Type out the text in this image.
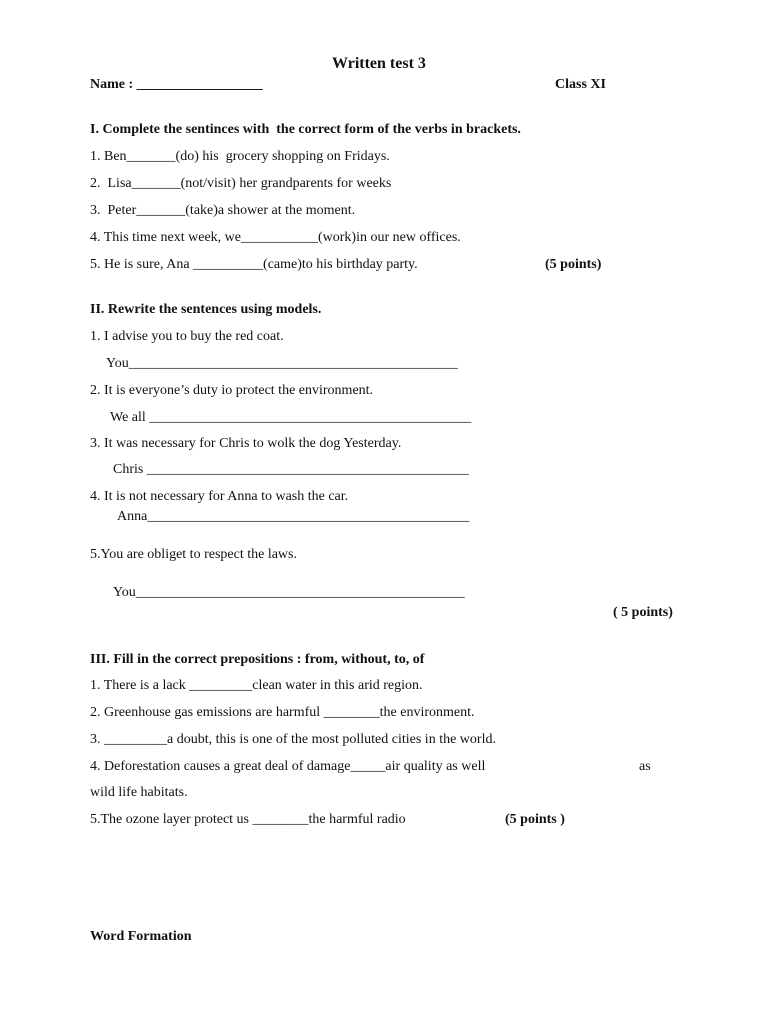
Written test 3
Name : __________________	Class XI
I. Complete the sentinces with  the correct form of the verbs in brackets.
1. Ben_______(do) his  grocery shopping on Fridays.
2.  Lisa_______(not/visit) her grandparents for weeks
3.  Peter_______(take)a shower at the moment.
4. This time next week, we___________(work)in our new offices.
5. He is sure, Ana __________(came)to his birthday party.	(5 points)
II. Rewrite the sentences using models.
1. I advise you to buy the red coat.
You_______________________________________________
2. It is everyone’s duty io protect the environment.
We all ______________________________________________
3. It was necessary for Chris to wolk the dog Yesterday.
Chris ______________________________________________
4. It is not necessary for Anna to wash the car.
Anna______________________________________________
5.You are obliget to respect the laws.
You_______________________________________________
( 5 points)
III. Fill in the correct prepositions : from, without, to, of
1. There is a lack _________clean water in this arid region.
2. Greenhouse gas emissions are harmful ________the environment.
3. _________a doubt, this is one of the most polluted cities in the world.
4. Deforestation causes a great deal of damage_____air quality as well	as
wild life habitats.
5.The ozone layer protect us ________the harmful radio	(5 points )
Word Formation
